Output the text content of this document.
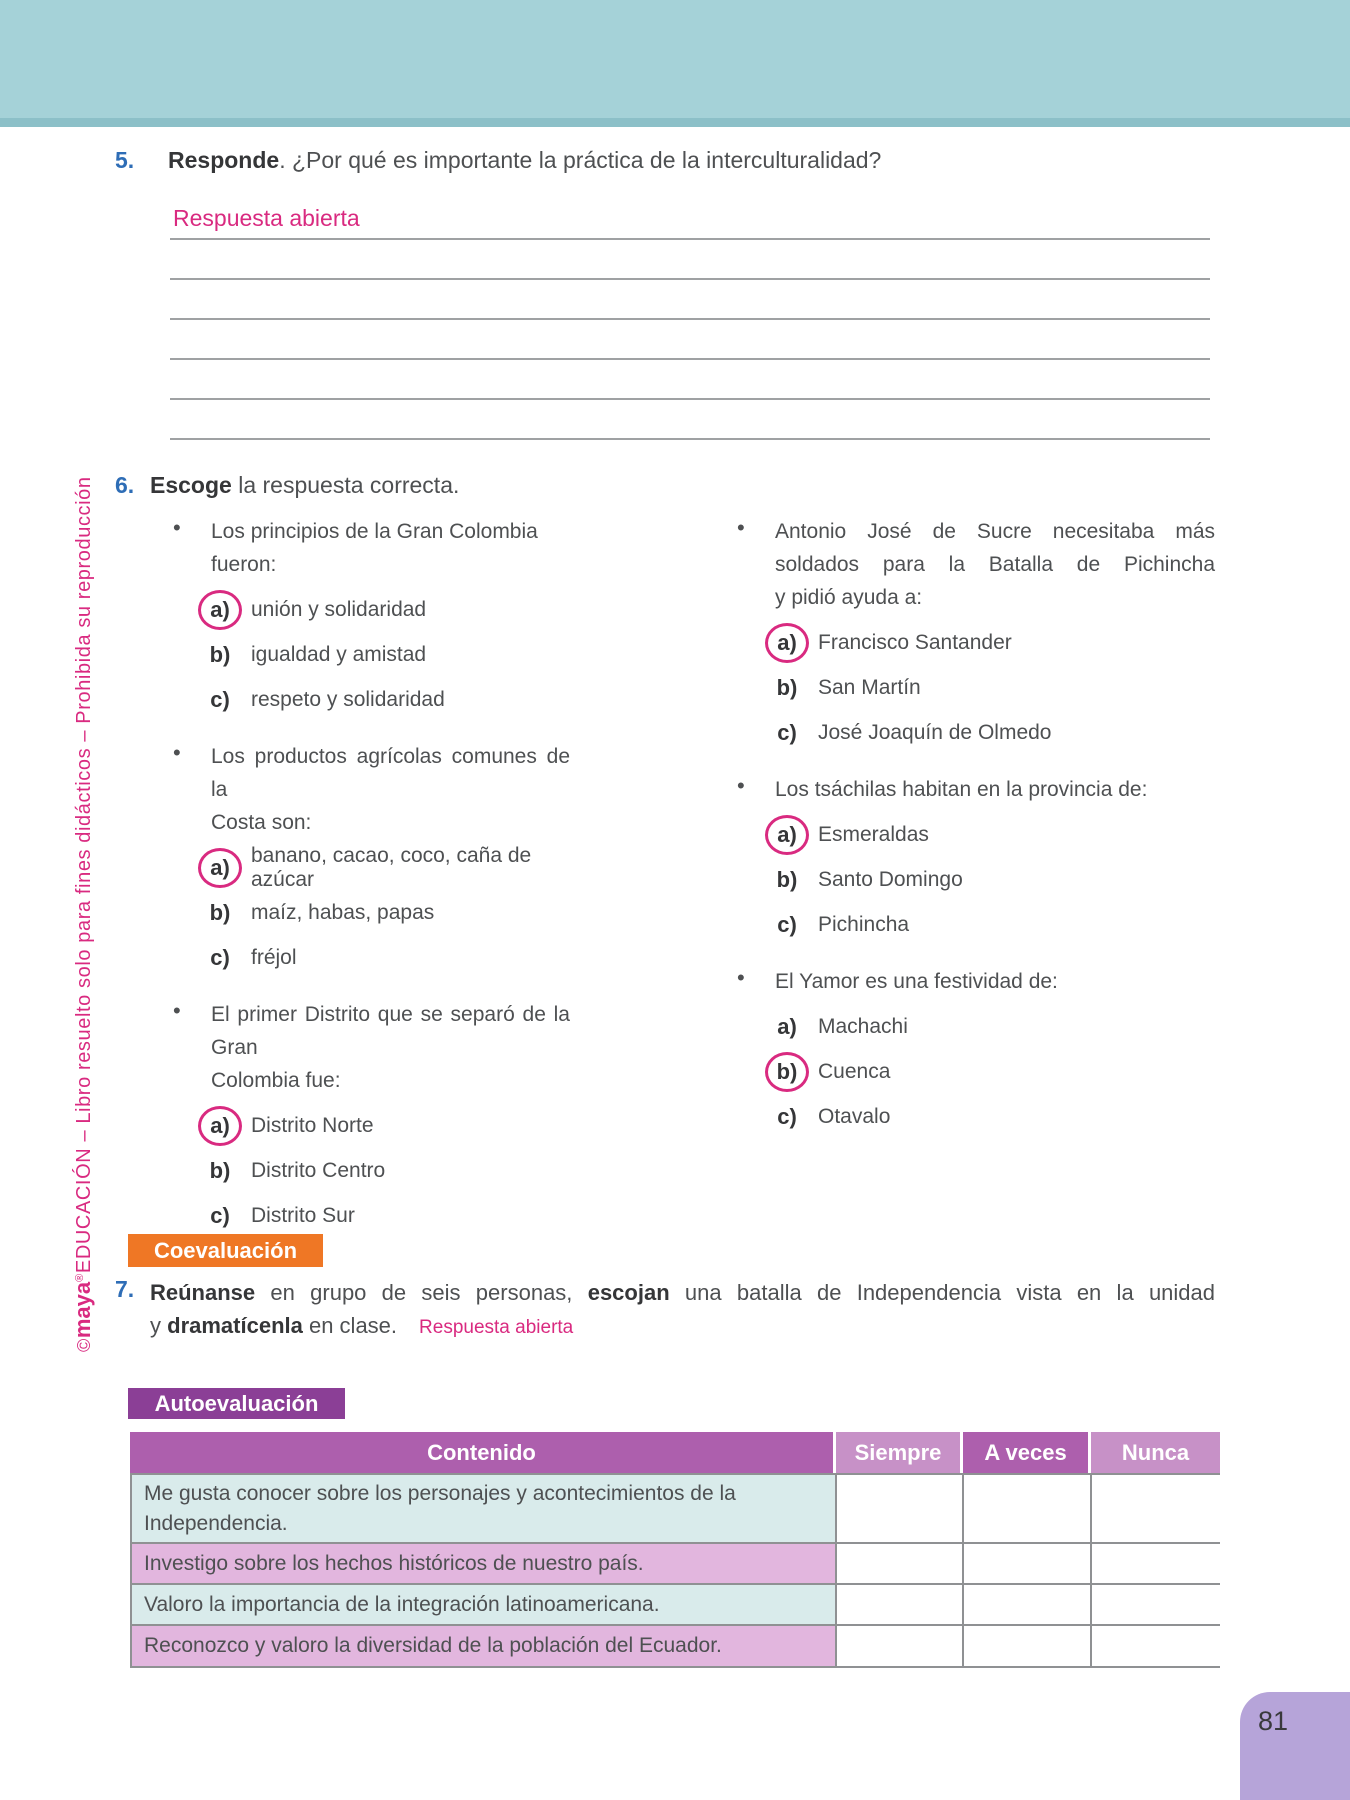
©maya®EDUCACIÓN – Libro resuelto solo para fines didácticos – Prohibida su reproducción
5. Responde. ¿Por qué es importante la práctica de la interculturalidad?
Respuesta abierta
6. Escoge la respuesta correcta.
• Los principios de la Gran Colombia fueron:
a)	unión y solidaridad
b) igualdad y amistad
c)	respeto y solidaridad
• Los productos agrícolas comunes de la
Costa son:
a)	banano, cacao, coco, caña de azúcar
b) maíz, habas, papas
c)	fréjol
• El primer Distrito que se separó de la Gran
Colombia fue:
a)	Distrito Norte
b) Distrito Centro
c)	Distrito Sur
• Antonio José de Sucre necesitaba más
soldados para la Batalla de Pichincha
y pidió ayuda a:
a)	Francisco Santander
b) San Martín
c)	José Joaquín de Olmedo
• Los tsáchilas habitan en la provincia de:
a)	Esmeraldas
b) Santo Domingo
c)	Pichincha
• El Yamor es una festividad de:
a)	Machachi
b) Cuenca
c)	Otavalo
Coevaluación
7. Reúnanse en grupo de seis personas, escojan una batalla de Independencia vista en la unidad
y dramatícenla en clase. Respuesta abierta
Autoevaluación
Contenido	Siempre	A veces	Nunca
Me gusta conocer sobre los personajes y acontecimientos de la Independencia.
Investigo sobre los hechos históricos de nuestro país.
Valoro la importancia de la integración latinoamericana.
Reconozco y valoro la diversidad de la población del Ecuador.
81
